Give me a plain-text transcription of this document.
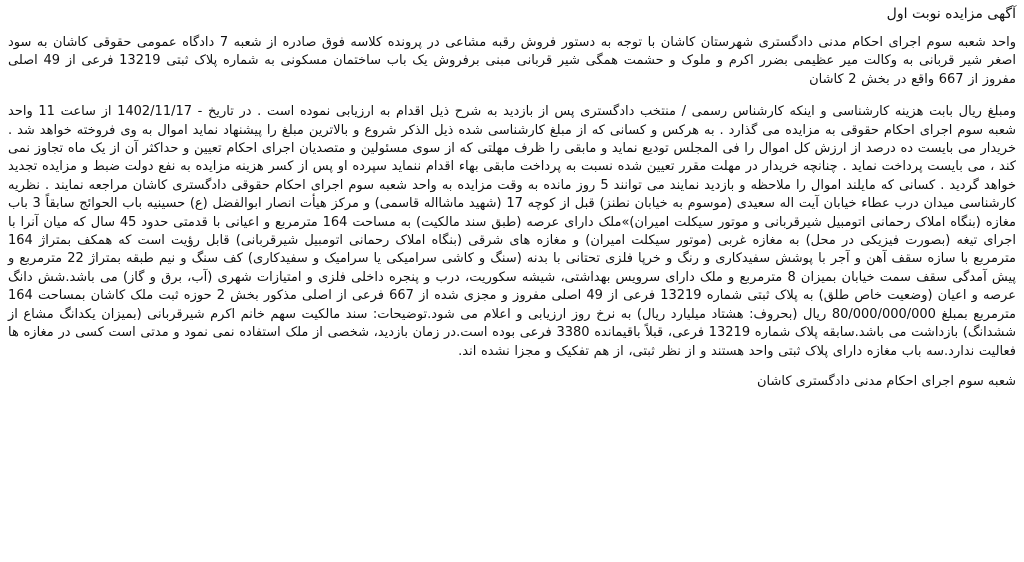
آگهی مزایده نوبت اول

واحد شعبه سوم اجرای احکام مدنی دادگستری شهرستان کاشان با توجه به دستور فروش رقبه مشاعی در پرونده کلاسه فوق صادره از شعبه 7 دادگاه عمومی حقوقی کاشان به سود اصغر شیر قربانی به وکالت میر عظیمی بضرر اکرم و ملوک و حشمت همگی شیر قربانی مبنی برفروش یک باب ساختمان مسکونی به شماره پلاک ثبتی 13219 فرعی از 49 اصلی مفروز از 667 واقع در بخش 2 کاشان

ومبلغ ریال بابت هزینه کارشناسی و اینکه کارشناس رسمی / منتخب دادگستری پس از بازدید به شرح ذیل اقدام به ارزیابی نموده است . در تاریخ - 1402/11/17 از ساعت 11 واحد شعبه سوم اجرای احکام حقوقی به مزایده می گذارد . به هرکس و کسانی که از مبلغ کارشناسی شده ذیل الذکر شروع و بالاترین مبلغ را پیشنهاد نماید اموال به وی فروخته خواهد شد . خریدار می بایست ده درصد از ارزش کل اموال را فی المجلس تودیع نماید و مابقی را ظرف مهلتی که از سوی مسئولین و متصدیان اجرای احکام تعیین و حداکثر آن از یک ماه تجاوز نمی کند ، می بایست پرداخت نماید . چنانچه خریدار در مهلت مقرر تعیین شده نسبت به پرداخت مابقی بهاء اقدام ننماید سپرده او پس از کسر هزینه مزایده به نفع دولت ضبط و مزایده تجدید خواهد گردید . کسانی که مایلند اموال را ملاحظه و بازدید نمایند می توانند 5 روز مانده به وقت مزایده به واحد شعبه سوم اجرای احکام حقوقی دادگستری کاشان مراجعه نمایند . نظریه کارشناسی میدان درب عطاء خیابان آیت اله سعیدی (موسوم به خیابان نطنز) قبل از کوچه 17 (شهید ماشااله قاسمی) و مرکز هیأت انصار ابوالفضل (ع) حسینیه باب الحوائج سابقاً 3 باب مغازه (بنگاه املاک رحمانی اتومبیل شیرقربانی و موتور سیکلت امیران)»ملک دارای عرصه (طبق سند مالکیت) به مساحت 164 مترمربع و اعیانی با قدمتی حدود 45 سال که میان آنرا با اجرای تیغه (بصورت فیزیکی در محل) به مغازه غربی (موتور سیکلت امیران) و مغازه های شرقی (بنگاه املاک رحمانی اتومبیل شیرقربانی) قابل رؤیت است که همکف بمتراژ 164 مترمربع با سازه سقف آهن و آجر با پوشش سفیدکاری و رنگ و خرپا فلزی تحتانی با بدنه (سنگ و کاشی سرامیکی یا سرامیک و سفیدکاری) کف سنگ و نیم طبقه بمتراژ 22 مترمربع و پیش آمدگی سقف سمت خیابان بمیزان 8 مترمربع و ملک دارای سرویس بهداشتی، شیشه سکوریت، درب و پنجره داخلی فلزی و امتیازات شهری (آب، برق و گاز) می باشد.شش دانگ عرصه و اعیان (وضعیت خاص طلق) به پلاک ثبتی شماره 13219 فرعی از 49 اصلی مفروز و مجزی شده از 667 فرعی از اصلی مذکور بخش 2 حوزه ثبت ملک کاشان بمساحت 164 مترمربع بمبلغ 80/000/000/000 ریال (بحروف: هشتاد میلیارد ریال) به نرخ روز ارزیابی و اعلام می شود.توضیحات: سند مالکیت سهم خانم اکرم شیرقربانی (بمیزان یکدانگ مشاع از ششدانگ) بازداشت می باشد.سابقه پلاک شماره 13219 فرعی، قبلاً باقیمانده 3380 فرعی بوده است.در زمان بازدید، شخصی از ملک استفاده نمی نمود و مدتی است کسی در مغازه ها فعالیت ندارد.سه باب مغازه دارای پلاک ثبتی واحد هستند و از نظر ثبتی، از هم تفکیک و مجزا نشده اند.

شعبه سوم اجرای احکام مدنی دادگستری کاشان
